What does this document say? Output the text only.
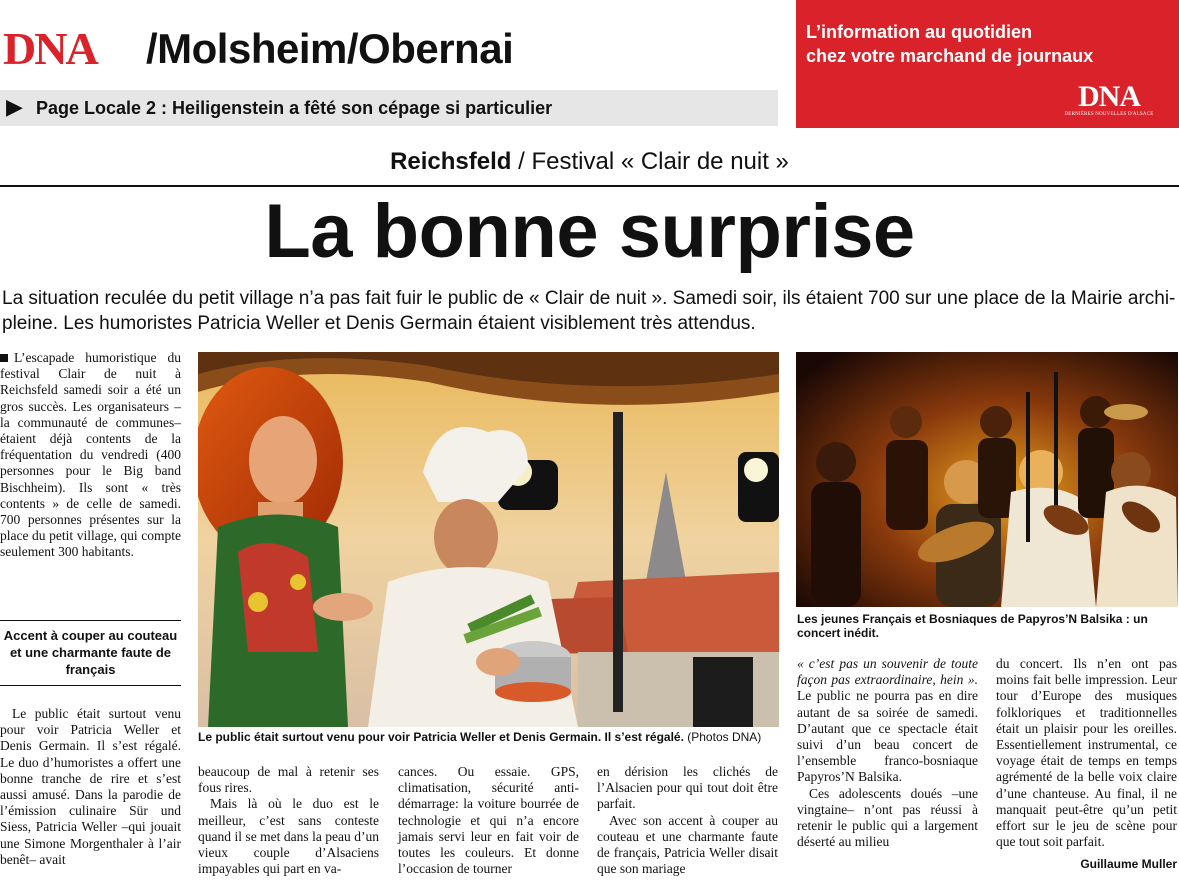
DNA /Molsheim/Obernai
▶ Page Locale 2 : Heiligenstein a fêté son cépage si particulier
L’information au quotidien
chez votre marchand de journaux
DNA
DERNIÈRES NOUVELLES D'ALSACE
Reichsfeld / Festival « Clair de nuit »
La bonne surprise

La situation reculée du petit village n’a pas fait fuir le public de « Clair de nuit ». Samedi soir, ils étaient 700 sur une place de la Mairie archi-pleine. Les humoristes Patricia Weller et Denis Germain étaient visiblement très attendus.

L’escapade humoristique du festival Clair de nuit à Reichsfeld samedi soir a été un gros succès. Les organisateurs –la communauté de communes– étaient déjà contents de la fréquentation du vendredi (400 personnes pour le Big band Bischheim). Ils sont « très contents » de celle de samedi. 700 personnes présentes sur la place du petit village, qui compte seulement 300 habitants.

Accent à couper au couteau et une charmante faute de français

Le public était surtout venu pour voir Patricia Weller et Denis Germain. Il s’est régalé. Le duo d’humoristes a offert une bonne tranche de rire et s’est aussi amusé. Dans la parodie de l’émission culinaire Sür und Siess, Patricia Weller –qui jouait une Simone Morgenthaler à l’air benêt– avait

Le public était surtout venu pour voir Patricia Weller et Denis Germain. Il s’est régalé. (Photos DNA)
Les jeunes Français et Bosniaques de Papyros’N Balsika : un concert inédit.

beaucoup de mal à retenir ses fous rires.

Mais là où le duo est le meilleur, c’est sans conteste quand il se met dans la peau d’un vieux couple d’Alsaciens impayables qui part en va-

cances. Ou essaie. GPS, climatisation, sécurité anti-démarrage: la voiture bourrée de technologie et qui n’a encore jamais servi leur en fait voir de toutes les couleurs. Et donne l’occasion de tourner

en dérision les clichés de l’Alsacien pour qui tout doit être parfait.

Avec son accent à couper au couteau et une charmante faute de français, Patricia Weller disait que son mariage

« c’est pas un souvenir de toute façon pas extraordinaire, hein ». Le public ne pourra pas en dire autant de sa soirée de samedi. D’autant que ce spectacle était suivi d’un beau concert de l’ensemble franco-bosniaque Papyros’N Balsika.

Ces adolescents doués –une vingtaine– n’ont pas réussi à retenir le public qui a largement déserté au milieu

du concert. Ils n’en ont pas moins fait belle impression. Leur tour d’Europe des musiques folkloriques et traditionnelles était un plaisir pour les oreilles. Essentiellement instrumental, ce voyage était de temps en temps agrémenté de la belle voix claire d’une chanteuse. Au final, il ne manquait peut-être qu’un petit effort sur le jeu de scène pour que tout soit parfait.

Guillaume Muller
